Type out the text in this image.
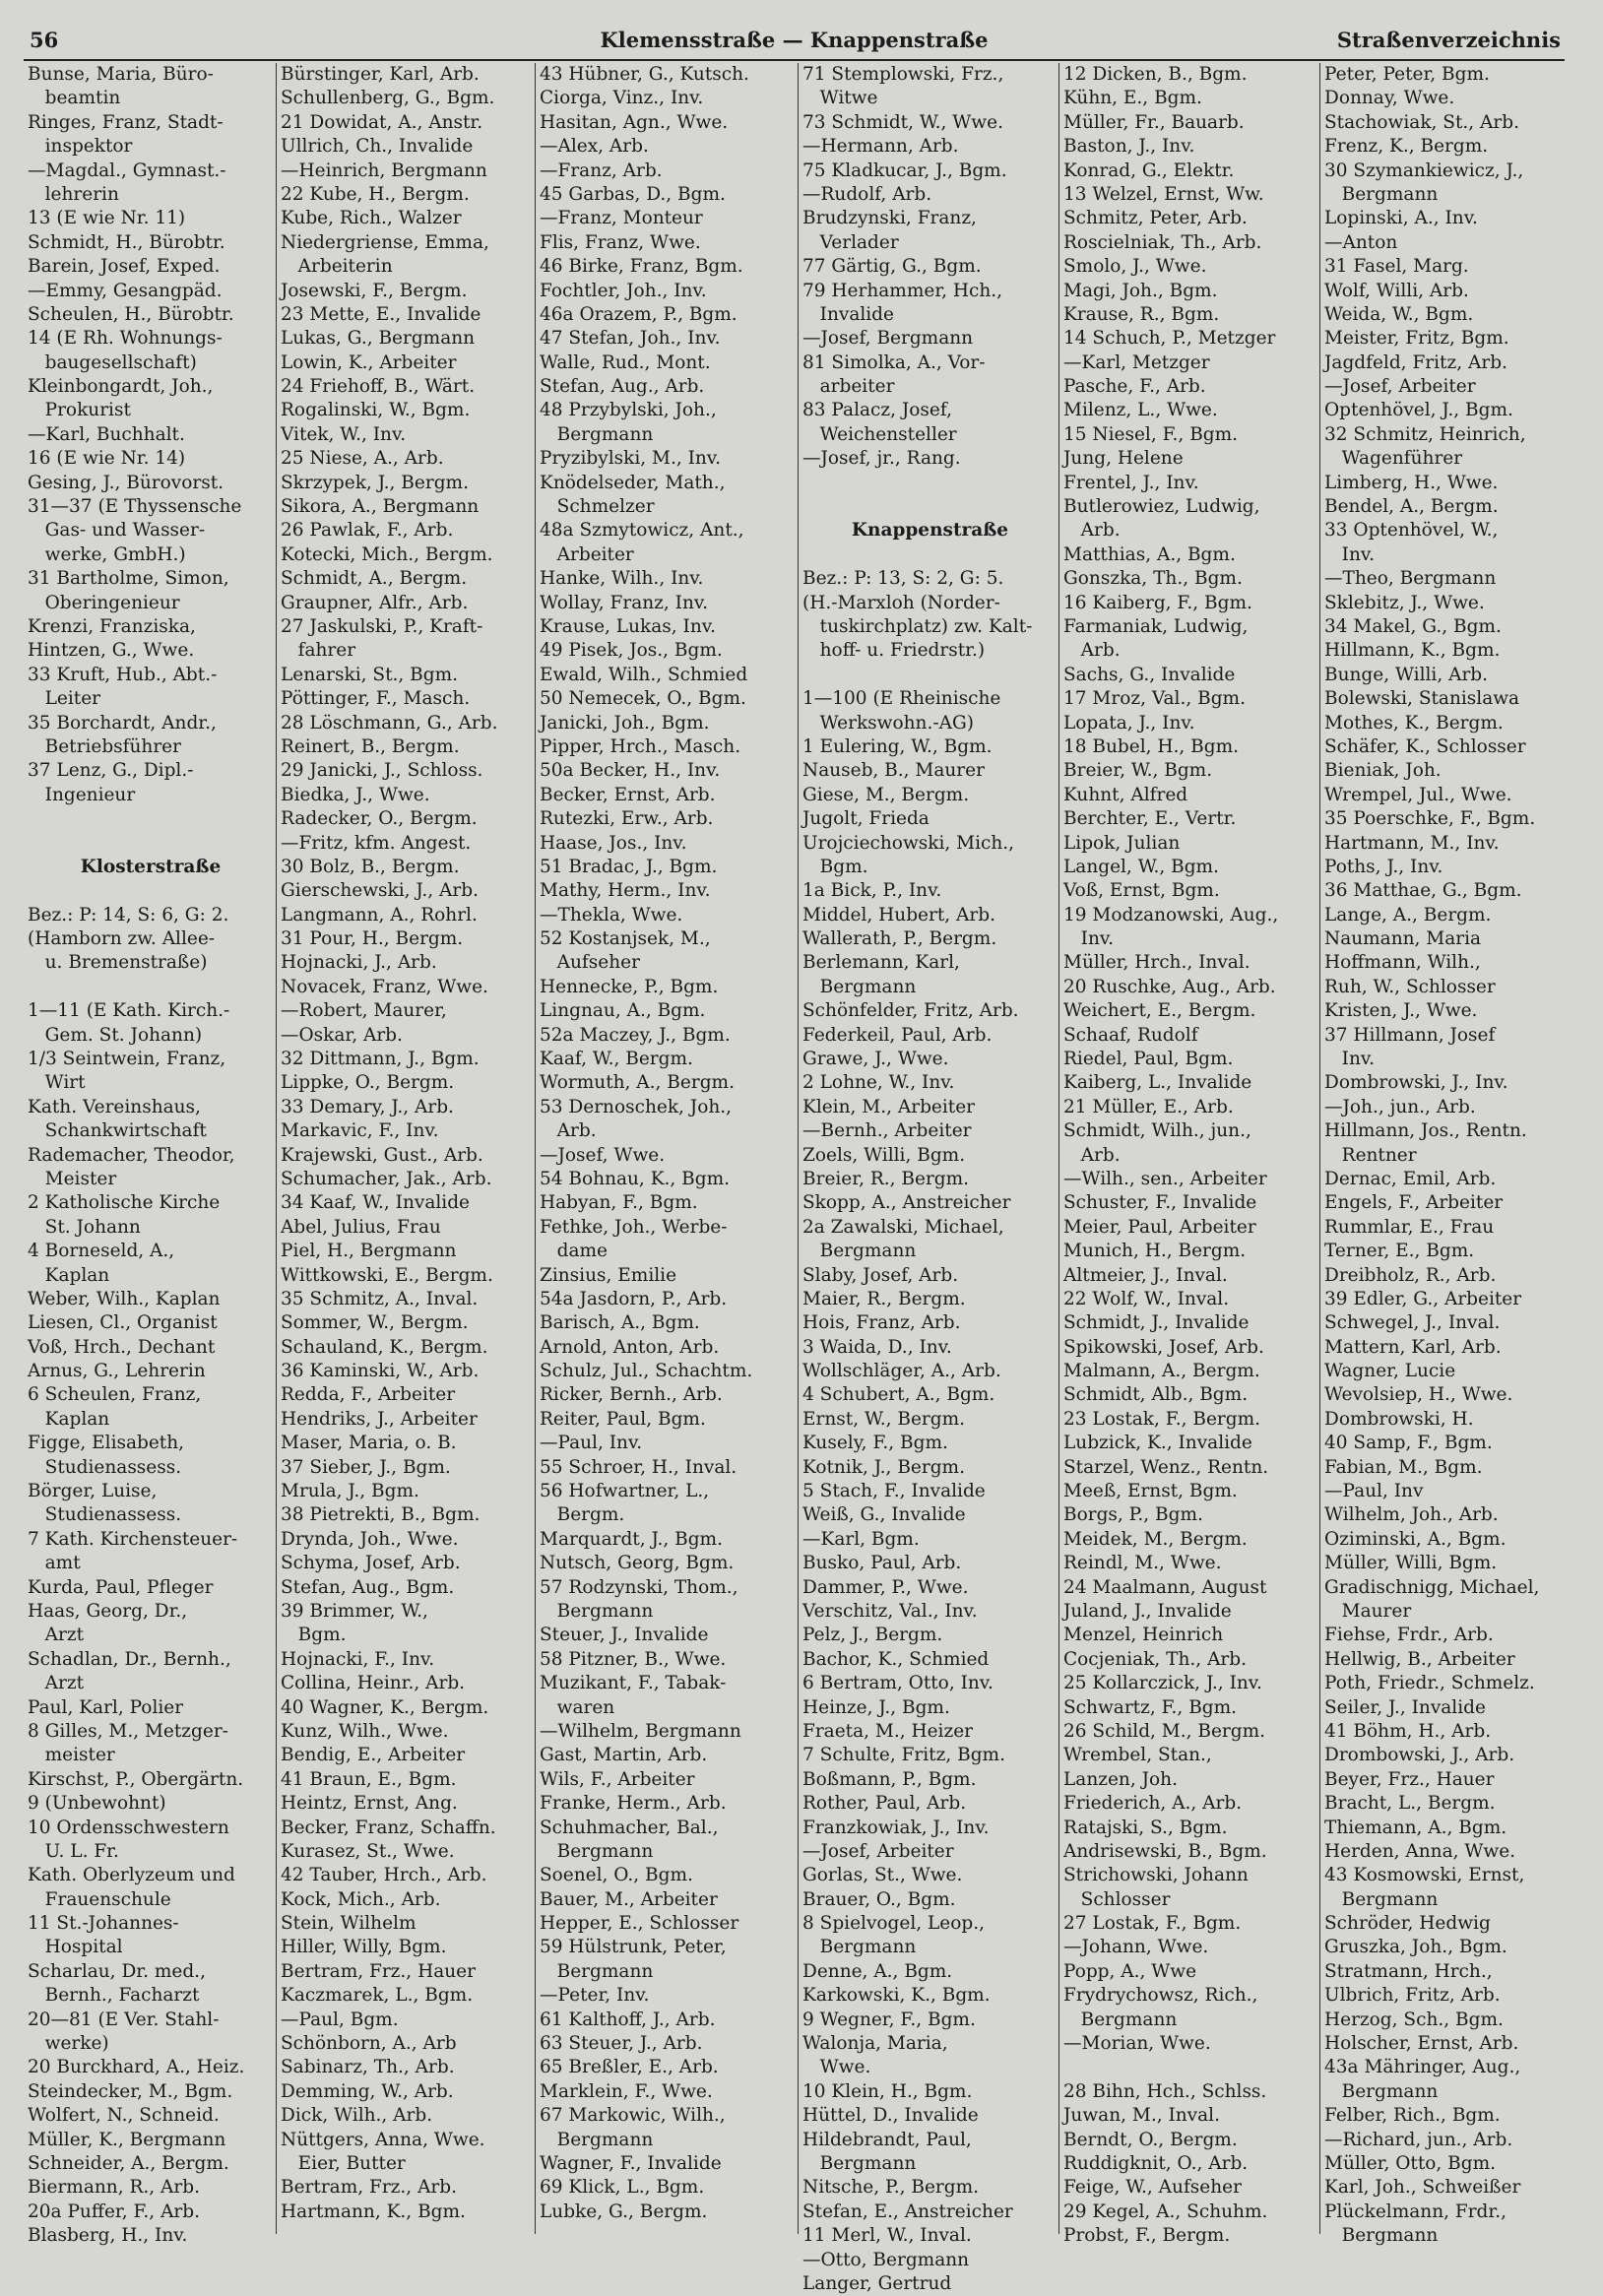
56	Klemensstraße — Knappenstraße	Straßenverzeichnis
Bunse, Maria, Büro-
beamtin
Ringes, Franz, Stadt-
inspektor
—Magdal., Gymnast.-
lehrerin
13 (E wie Nr. 11)
Schmidt, H., Bürobtr.
Barein, Josef, Exped.
—Emmy, Gesangpäd.
Scheulen, H., Bürobtr.
14 (E Rh. Wohnungs-
baugesellschaft)
Kleinbongardt, Joh.,
Prokurist
—Karl, Buchhalt.
16 (E wie Nr. 14)
Gesing, J., Bürovorst.
31—37 (E Thyssensche
Gas- und Wasser-
werke, GmbH.)
31 Bartholme, Simon,
Oberingenieur
Krenzi, Franziska,
Hintzen, G., Wwe.
33 Kruft, Hub., Abt.-
Leiter
35 Borchardt, Andr.,
Betriebsführer
37 Lenz, G., Dipl.-
Ingenieur
Klosterstraße
Bez.: P: 14, S: 6, G: 2.
(Hamborn zw. Allee-
u. Bremenstraße)
1—11 (E Kath. Kirch.-
Gem. St. Johann)
1/3 Seintwein, Franz,
Wirt
Kath. Vereinshaus,
Schankwirtschaft
Rademacher, Theodor,
Meister
2 Katholische Kirche
St. Johann
4 Borneseld, A.,
Kaplan
Weber, Wilh., Kaplan
Liesen, Cl., Organist
Voß, Hrch., Dechant
Arnus, G., Lehrerin
6 Scheulen, Franz,
Kaplan
Figge, Elisabeth,
Studienassess.
Börger, Luise,
Studienassess.
7 Kath. Kirchensteuer-
amt
Kurda, Paul, Pfleger
Haas, Georg, Dr.,
Arzt
Schadlan, Dr., Bernh.,
Arzt
Paul, Karl, Polier
8 Gilles, M., Metzger-
meister
Kirschst, P., Obergärtn.
9 (Unbewohnt)
10 Ordensschwestern
U. L. Fr.
Kath. Oberlyzeum und
Frauenschule
11 St.-Johannes-
Hospital
Scharlau, Dr. med.,
Bernh., Facharzt
20—81 (E Ver. Stahl-
werke)
20 Burckhard, A., Heiz.
Steindecker, M., Bgm.
Wolfert, N., Schneid.
Müller, K., Bergmann
Schneider, A., Bergm.
Biermann, R., Arb.
20a Puffer, F., Arb.
Blasberg, H., Inv.
Bürstinger, Karl, Arb.
Schullenberg, G., Bgm.
21 Dowidat, A., Anstr.
Ullrich, Ch., Invalide
—Heinrich, Bergmann
22 Kube, H., Bergm.
Kube, Rich., Walzer
Niedergriense, Emma,
Arbeiterin
Josewski, F., Bergm.
23 Mette, E., Invalide
Lukas, G., Bergmann
Lowin, K., Arbeiter
24 Friehoff, B., Wärt.
Rogalinski, W., Bgm.
Vitek, W., Inv.
25 Niese, A., Arb.
Skrzypek, J., Bergm.
Sikora, A., Bergmann
26 Pawlak, F., Arb.
Kotecki, Mich., Bergm.
Schmidt, A., Bergm.
Graupner, Alfr., Arb.
27 Jaskulski, P., Kraft-
fahrer
Lenarski, St., Bgm.
Pöttinger, F., Masch.
28 Löschmann, G., Arb.
Reinert, B., Bergm.
29 Janicki, J., Schloss.
Biedka, J., Wwe.
Radecker, O., Bergm.
—Fritz, kfm. Angest.
30 Bolz, B., Bergm.
Gierschewski, J., Arb.
Langmann, A., Rohrl.
31 Pour, H., Bergm.
Hojnacki, J., Arb.
Novacek, Franz, Wwe.
—Robert, Maurer,
—Oskar, Arb.
32 Dittmann, J., Bgm.
Lippke, O., Bergm.
33 Demary, J., Arb.
Markavic, F., Inv.
Krajewski, Gust., Arb.
Schumacher, Jak., Arb.
34 Kaaf, W., Invalide
Abel, Julius, Frau
Piel, H., Bergmann
Wittkowski, E., Bergm.
35 Schmitz, A., Inval.
Sommer, W., Bergm.
Schauland, K., Bergm.
36 Kaminski, W., Arb.
Redda, F., Arbeiter
Hendriks, J., Arbeiter
Maser, Maria, o. B.
37 Sieber, J., Bgm.
Mrula, J., Bgm.
38 Pietrekti, B., Bgm.
Drynda, Joh., Wwe.
Schyma, Josef, Arb.
Stefan, Aug., Bgm.
39 Brimmer, W.,
Bgm.
Hojnacki, F., Inv.
Collina, Heinr., Arb.
40 Wagner, K., Bergm.
Kunz, Wilh., Wwe.
Bendig, E., Arbeiter
41 Braun, E., Bgm.
Heintz, Ernst, Ang.
Becker, Franz, Schaffn.
Kurasez, St., Wwe.
42 Tauber, Hrch., Arb.
Kock, Mich., Arb.
Stein, Wilhelm
Hiller, Willy, Bgm.
Bertram, Frz., Hauer
Kaczmarek, L., Bgm.
—Paul, Bgm.
Schönborn, A., Arb
Sabinarz, Th., Arb.
Demming, W., Arb.
Dick, Wilh., Arb.
Nüttgers, Anna, Wwe.
Eier, Butter
Bertram, Frz., Arb.
Hartmann, K., Bgm.
43 Hübner, G., Kutsch.
Ciorga, Vinz., Inv.
Hasitan, Agn., Wwe.
—Alex, Arb.
—Franz, Arb.
45 Garbas, D., Bgm.
—Franz, Monteur
Flis, Franz, Wwe.
46 Birke, Franz, Bgm.
Fochtler, Joh., Inv.
46a Orazem, P., Bgm.
47 Stefan, Joh., Inv.
Walle, Rud., Mont.
Stefan, Aug., Arb.
48 Przybylski, Joh.,
Bergmann
Pryzibylski, M., Inv.
Knödelseder, Math.,
Schmelzer
48a Szmytowicz, Ant.,
Arbeiter
Hanke, Wilh., Inv.
Wollay, Franz, Inv.
Krause, Lukas, Inv.
49 Pisek, Jos., Bgm.
Ewald, Wilh., Schmied
50 Nemecek, O., Bgm.
Janicki, Joh., Bgm.
Pipper, Hrch., Masch.
50a Becker, H., Inv.
Becker, Ernst, Arb.
Rutezki, Erw., Arb.
Haase, Jos., Inv.
51 Bradac, J., Bgm.
Mathy, Herm., Inv.
—Thekla, Wwe.
52 Kostanjsek, M.,
Aufseher
Hennecke, P., Bgm.
Lingnau, A., Bgm.
52a Maczey, J., Bgm.
Kaaf, W., Bergm.
Wormuth, A., Bergm.
53 Dernoschek, Joh.,
Arb.
—Josef, Wwe.
54 Bohnau, K., Bgm.
Habyan, F., Bgm.
Fethke, Joh., Werbe-
dame
Zinsius, Emilie
54a Jasdorn, P., Arb.
Barisch, A., Bgm.
Arnold, Anton, Arb.
Schulz, Jul., Schachtm.
Ricker, Bernh., Arb.
Reiter, Paul, Bgm.
—Paul, Inv.
55 Schroer, H., Inval.
56 Hofwartner, L.,
Bergm.
Marquardt, J., Bgm.
Nutsch, Georg, Bgm.
57 Rodzynski, Thom.,
Bergmann
Steuer, J., Invalide
58 Pitzner, B., Wwe.
Muzikant, F., Tabak-
waren
—Wilhelm, Bergmann
Gast, Martin, Arb.
Wils, F., Arbeiter
Franke, Herm., Arb.
Schuhmacher, Bal.,
Bergmann
Soenel, O., Bgm.
Bauer, M., Arbeiter
Hepper, E., Schlosser
59 Hülstrunk, Peter,
Bergmann
—Peter, Inv.
61 Kalthoff, J., Arb.
63 Steuer, J., Arb.
65 Breßler, E., Arb.
Marklein, F., Wwe.
67 Markowic, Wilh.,
Bergmann
Wagner, F., Invalide
69 Klick, L., Bgm.
Lubke, G., Bergm.
71 Stemplowski, Frz.,
Witwe
73 Schmidt, W., Wwe.
—Hermann, Arb.
75 Kladkucar, J., Bgm.
—Rudolf, Arb.
Brudzynski, Franz,
Verlader
77 Gärtig, G., Bgm.
79 Herhammer, Hch.,
Invalide
—Josef, Bergmann
81 Simolka, A., Vor-
arbeiter
83 Palacz, Josef,
Weichensteller
—Josef, jr., Rang.
Knappenstraße
Bez.: P: 13, S: 2, G: 5.
(H.-Marxloh (Norder-
tuskirchplatz) zw. Kalt-
hoff- u. Friedrstr.)
1—100 (E Rheinische
Werkswohn.-AG)
1 Eulering, W., Bgm.
Nauseb, B., Maurer
Giese, M., Bergm.
Jugolt, Frieda
Urojciechowski, Mich.,
Bgm.
1a Bick, P., Inv.
Middel, Hubert, Arb.
Wallerath, P., Bergm.
Berlemann, Karl,
Bergmann
Schönfelder, Fritz, Arb.
Federkeil, Paul, Arb.
Grawe, J., Wwe.
2 Lohne, W., Inv.
Klein, M., Arbeiter
—Bernh., Arbeiter
Zoels, Willi, Bgm.
Breier, R., Bergm.
Skopp, A., Anstreicher
2a Zawalski, Michael,
Bergmann
Slaby, Josef, Arb.
Maier, R., Bergm.
Hois, Franz, Arb.
3 Waida, D., Inv.
Wollschläger, A., Arb.
4 Schubert, A., Bgm.
Ernst, W., Bergm.
Kusely, F., Bgm.
Kotnik, J., Bergm.
5 Stach, F., Invalide
Weiß, G., Invalide
—Karl, Bgm.
Busko, Paul, Arb.
Dammer, P., Wwe.
Verschitz, Val., Inv.
Pelz, J., Bergm.
Bachor, K., Schmied
6 Bertram, Otto, Inv.
Heinze, J., Bgm.
Fraeta, M., Heizer
7 Schulte, Fritz, Bgm.
Boßmann, P., Bgm.
Rother, Paul, Arb.
Franzkowiak, J., Inv.
—Josef, Arbeiter
Gorlas, St., Wwe.
Brauer, O., Bgm.
8 Spielvogel, Leop.,
Bergmann
Denne, A., Bgm.
Karkowski, K., Bgm.
9 Wegner, F., Bgm.
Walonja, Maria,
Wwe.
10 Klein, H., Bgm.
Hüttel, D., Invalide
Hildebrandt, Paul,
Bergmann
Nitsche, P., Bergm.
Stefan, E., Anstreicher
11 Merl, W., Inval.
—Otto, Bergmann
Langer, Gertrud
12 Dicken, B., Bgm.
Kühn, E., Bgm.
Müller, Fr., Bauarb.
Baston, J., Inv.
Konrad, G., Elektr.
13 Welzel, Ernst, Ww.
Schmitz, Peter, Arb.
Roscielniak, Th., Arb.
Smolo, J., Wwe.
Magi, Joh., Bgm.
Krause, R., Bgm.
14 Schuch, P., Metzger
—Karl, Metzger
Pasche, F., Arb.
Milenz, L., Wwe.
15 Niesel, F., Bgm.
Jung, Helene
Frentel, J., Inv.
Butlerowiez, Ludwig,
Arb.
Matthias, A., Bgm.
Gonszka, Th., Bgm.
16 Kaiberg, F., Bgm.
Farmaniak, Ludwig,
Arb.
Sachs, G., Invalide
17 Mroz, Val., Bgm.
Lopata, J., Inv.
18 Bubel, H., Bgm.
Breier, W., Bgm.
Kuhnt, Alfred
Berchter, E., Vertr.
Lipok, Julian
Langel, W., Bgm.
Voß, Ernst, Bgm.
19 Modzanowski, Aug.,
Inv.
Müller, Hrch., Inval.
20 Ruschke, Aug., Arb.
Weichert, E., Bergm.
Schaaf, Rudolf
Riedel, Paul, Bgm.
Kaiberg, L., Invalide
21 Müller, E., Arb.
Schmidt, Wilh., jun.,
Arb.
—Wilh., sen., Arbeiter
Schuster, F., Invalide
Meier, Paul, Arbeiter
Munich, H., Bergm.
Altmeier, J., Inval.
22 Wolf, W., Inval.
Schmidt, J., Invalide
Spikowski, Josef, Arb.
Malmann, A., Bergm.
Schmidt, Alb., Bgm.
23 Lostak, F., Bergm.
Lubzick, K., Invalide
Starzel, Wenz., Rentn.
Meeß, Ernst, Bgm.
Borgs, P., Bgm.
Meidek, M., Bergm.
Reindl, M., Wwe.
24 Maalmann, August
Juland, J., Invalide
Menzel, Heinrich
Cocjeniak, Th., Arb.
25 Kollarczick, J., Inv.
Schwartz, F., Bgm.
26 Schild, M., Bergm.
Wrembel, Stan.,
Lanzen, Joh.
Friederich, A., Arb.
Ratajski, S., Bgm.
Andrisewski, B., Bgm.
Strichowski, Johann
Schlosser
27 Lostak, F., Bgm.
—Johann, Wwe.
Popp, A., Wwe
Frydrychowsz, Rich.,
Bergmann
—Morian, Wwe.
28 Bihn, Hch., Schlss.
Juwan, M., Inval.
Berndt, O., Bergm.
Ruddigknit, O., Arb.
Feige, W., Aufseher
29 Kegel, A., Schuhm.
Probst, F., Bergm.
Peter, Peter, Bgm.
Donnay, Wwe.
Stachowiak, St., Arb.
Frenz, K., Bergm.
30 Szymankiewicz, J.,
Bergmann
Lopinski, A., Inv.
—Anton
31 Fasel, Marg.
Wolf, Willi, Arb.
Weida, W., Bgm.
Meister, Fritz, Bgm.
Jagdfeld, Fritz, Arb.
—Josef, Arbeiter
Optenhövel, J., Bgm.
32 Schmitz, Heinrich,
Wagenführer
Limberg, H., Wwe.
Bendel, A., Bergm.
33 Optenhövel, W.,
Inv.
—Theo, Bergmann
Sklebitz, J., Wwe.
34 Makel, G., Bgm.
Hillmann, K., Bgm.
Bunge, Willi, Arb.
Bolewski, Stanislawa
Mothes, K., Bergm.
Schäfer, K., Schlosser
Bieniak, Joh.
Wrempel, Jul., Wwe.
35 Poerschke, F., Bgm.
Hartmann, M., Inv.
Poths, J., Inv.
36 Matthae, G., Bgm.
Lange, A., Bergm.
Naumann, Maria
Hoffmann, Wilh.,
Ruh, W., Schlosser
Kristen, J., Wwe.
37 Hillmann, Josef
Inv.
Dombrowski, J., Inv.
—Joh., jun., Arb.
Hillmann, Jos., Rentn.
Rentner
Dernac, Emil, Arb.
Engels, F., Arbeiter
Rummlar, E., Frau
Terner, E., Bgm.
Dreibholz, R., Arb.
39 Edler, G., Arbeiter
Schwegel, J., Inval.
Mattern, Karl, Arb.
Wagner, Lucie
Wevolsiep, H., Wwe.
Dombrowski, H.
40 Samp, F., Bgm.
Fabian, M., Bgm.
—Paul, Inv
Wilhelm, Joh., Arb.
Oziminski, A., Bgm.
Müller, Willi, Bgm.
Gradischnigg, Michael,
Maurer
Fiehse, Frdr., Arb.
Hellwig, B., Arbeiter
Poth, Friedr., Schmelz.
Seiler, J., Invalide
41 Böhm, H., Arb.
Drombowski, J., Arb.
Beyer, Frz., Hauer
Bracht, L., Bergm.
Thiemann, A., Bgm.
Herden, Anna, Wwe.
43 Kosmowski, Ernst,
Bergmann
Schröder, Hedwig
Gruszka, Joh., Bgm.
Stratmann, Hrch.,
Ulbrich, Fritz, Arb.
Herzog, Sch., Bgm.
Holscher, Ernst, Arb.
43a Mähringer, Aug.,
Bergmann
Felber, Rich., Bgm.
—Richard, jun., Arb.
Müller, Otto, Bgm.
Karl, Joh., Schweißer
Plückelmann, Frdr.,
Bergmann
